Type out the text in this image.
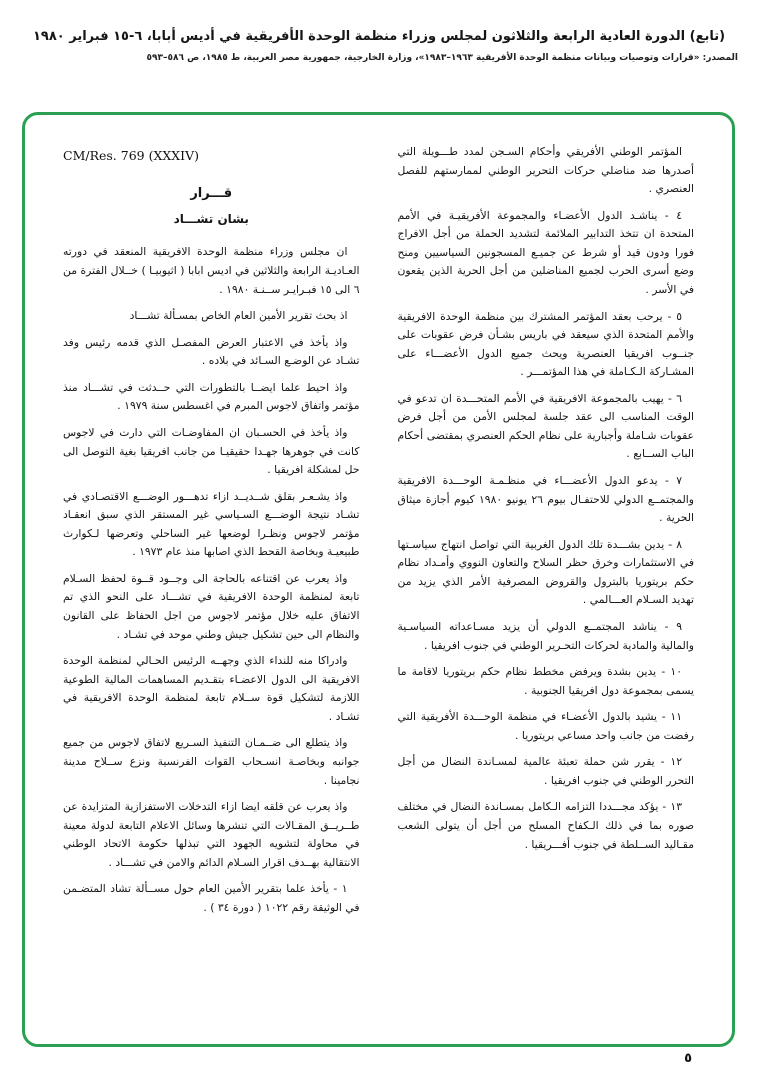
(تابع) الدورة العادية الرابعة والثلاثون لمجلس وزراء منظمة الوحدة الأفريقية في أديس أبابا، ٦-١٥ فبراير ١٩٨٠
المصدر: «قرارات وتوصيات وبيانات منظمة الوحدة الأفريقية ١٩٦٣–١٩٨٣»، وزارة الخارجية، جمهورية مصر العربية، ط ١٩٨٥، ص ٥٨٦–٥٩٣

المؤتمر الوطني الأفريقي وأحكام السـجن لمدد طـــويلة التي أصدرها ضد مناضلي حركات التحرير الوطني لممارستهم للفصل العنصري .

٤ - يناشـد الدول الأعضـاء والمجموعة الأفريقيـة في الأمم المتحدة ان تتخذ التدابير الملائمة لتشديد الحملة من أجل الافراج فورا ودون قيد أو شرط عن جميـع المسجونين السياسيين ومنح وضع أسرى الحرب لجميع المناضلين من أجل الحرية الذين يقعون في الأسر .

٥ - يرحب بعقد المؤتمر المشترك بين منظمة الوحدة الافريقية والأمم المتحدة الذي سيعقد في باريس بشـأن فرض عقوبات على جنــوب افريقيا العنصرية ويحث جميع الدول الأعضـــاء على المشـاركة الـكـاملة في هذا المؤتمـــر .

٦ - يهيب بالمجموعة الافريقية في الأمم المتحـــدة ان تدعو في الوقت المناسب الى عقد جلسة لمجلس الأمن من أجل فرض عقوبات شـاملة وأجبارية على نظام الحكم العنصري بمقتضى أحكام الباب الســابع .

٧ - يدعو الدول الأعضـــاء في منظـمـة الوحـــدة الافريقية والمجتمــع الدولي للاحتفـال بيوم ٢٦ يونيو ١٩٨٠ كيوم أجازة ميثاق الحرية .

٨ - يدين بشـــدة تلك الدول الغربية التي تواصل انتهاج سياسـتها في الاستثمارات وخرق حظر السلاح والتعاون النووي وأمـداد نظام حكم بريتوريا بالبترول والقروض المصرفية الأمر الذي يزيد من تهديد السـلام العـــالمي .

٩ - يناشد المجتمــع الدولي أن يزيد مسـاعداته السياسـية والمالية والمادية لحركات التحـرير الوطني في جنوب افريقيا .

١٠ - يدين بشدة ويرفض مخطط نظام حكم بريتوريا لاقامة ما يسمى بمجموعة دول افريقيا الجنوبية .

١١ - يشيد بالدول الأعضـاء في منظمة الوحـــدة الأفريقية التي رفضت من جانب واحد مساعي بريتوريا .

١٢ - يقرر شن حملة تعبئة عالمية لمسـاندة النضال من أجل التحرر الوطني في جنوب افريقيا .

١٣ - يؤكد مجـــددا التزامه الـكامل بمسـاندة النضال في مختلف صوره بما في ذلك الـكفاح المسلح من أجل أن يتولى الشعب مقـاليد الســلطة في جنوب أفـــريقيا .

CM/Res. 769 (XXXIV)
قـــرار
بشان تشـــاد

ان مجلس وزراء منظمة الوحدة الافريقية المنعقد في دورته العـاديـة الرابعة والثلاثين في اديس ابابا ( اثيوبيـا ) خــلال الفترة من ٦ الى ١٥ فبـرايـر ســنـة ١٩٨٠ .

اذ بحث تقرير الأمين العام الخاص بمسـألة تشـــاد

واذ يأخذ في الاعتبار العرض المفصـل الذي قدمه رئيس وفد تشـاد عن الوضـع السـائد في بلاده .

واذ احيط علما ايضــا بالتطورات التي حــدثت في تشـــاد منذ مؤتمر واتفاق لاجوس المبرم في اغسطس سنة ١٩٧٩ .

واذ يأخذ في الحسـبان ان المفاوضـات التي دارت في لاجوس كانت في جوهرها جهـدا حقيقيـا من جانب افريقيا بغية التوصل الى حل لمشكلة افريقيا .

واذ يشـعـر بقلق شــديــد ازاء تدهـــور الوضـــع الاقتصـادي في تشـاد نتيجة الوضـــع السـياسي غير المستقر الذي سبق انعقـاد مؤتمر لاجوس ونظـرا لوضعها غير الساحلي وتعرضها لـكوارث طبيعيـة وبخاصة القحط الذي اصابها منذ عام ١٩٧٣ .

واذ يعرب عن اقتناعه بالحاجة الى وجــود قــوة لحفظ السـلام تابعة لمنظمة الوحدة الافريقية في تشـــاد على النحو الذي تم الاتفاق عليه خلال مؤتمر لاجوس من اجل الحفاظ على القانون والنظام الى حين تشكيل جيش وطني موحد في تشـاد .

وادراكا منه للنداء الذي وجهــه الرئيس الحـالي لمنظمة الوحدة الافريقية الى الدول الاعضـاء بتقـديم المساهمات المالية الطوعية اللازمة لتشكيل قوة ســلام تابعة لمنظمة الوحدة الافريقية في تشـاد .

واذ يتطلع الى ضــمـان التنفيذ السـريع لاتفاق لاجوس من جميع جوانبه وبخاصـة انسـحاب القوات الفرنسية ونزع ســلاح مدينة نجامينا .

واذ يعرب عن قلقه ايضا ازاء التدخلات الاستفزازية المتزايدة عن طــريــق المقـالات التي تنشرها وسائل الاعلام التابعة لدولة معينة في محاولة لتشويه الجهود التي تبذلها حكومة الاتحاد الوطني الانتقالية بهــدف اقرار السـلام الدائم والامن في تشـــاد .

١ - يأخذ علما بتقرير الأمين العام حول مســألة تشاد المتضـمن في الوثيقة رقم ١٠٢٢ ( دورة ٣٤ ) .

٥
